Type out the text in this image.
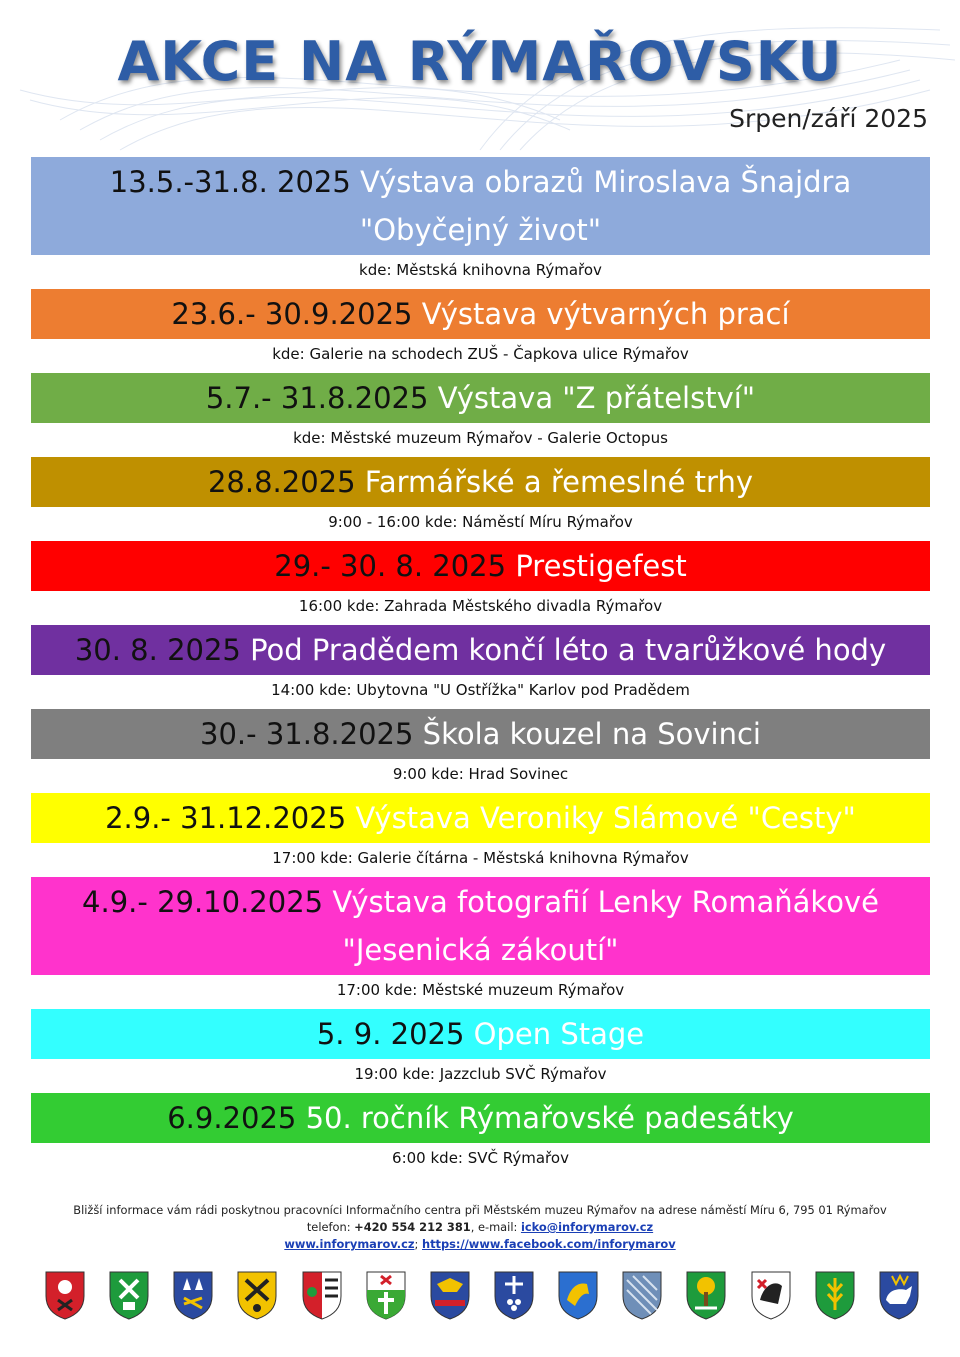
AKCE NA RÝMAŘOVSKU
Srpen/září 2025
13.5.-31.8. 2025 Výstava obrazů Miroslava Šnajdra
"Obyčejný život"
kde: Městská knihovna Rýmařov
23.6.- 30.9.2025 Výstava výtvarných prací
kde: Galerie na schodech ZUŠ - Čapkova ulice Rýmařov
5.7.- 31.8.2025 Výstava "Z přátelství"
kde: Městské muzeum Rýmařov - Galerie Octopus
28.8.2025 Farmářské a řemeslné trhy
9:00 - 16:00 kde: Náměstí Míru Rýmařov
29.- 30. 8. 2025 Prestigefest
16:00 kde: Zahrada Městského divadla Rýmařov
30. 8. 2025 Pod Pradědem končí léto a tvarůžkové hody
14:00 kde: Ubytovna "U Ostřížka" Karlov pod Pradědem
30.- 31.8.2025 Škola kouzel na Sovinci
9:00 kde: Hrad Sovinec
2.9.- 31.12.2025 Výstava Veroniky Slámové "Cesty"
17:00 kde: Galerie čítárna - Městská knihovna Rýmařov
4.9.- 29.10.2025 Výstava fotografií Lenky Romaňákové
"Jesenická zákoutí"
17:00 kde: Městské muzeum Rýmařov
5. 9. 2025 Open Stage
19:00 kde: Jazzclub SVČ Rýmařov
6.9.2025 50. ročník Rýmařovské padesátky
6:00 kde: SVČ Rýmařov
Bližší informace vám rádi poskytnou pracovníci Informačního centra při Městském muzeu Rýmařov na adrese náměstí Míru 6, 795 01 Rýmařov
telefon: +420 554 212 381, e-mail: icko@inforymarov.cz
www.inforymarov.cz; https://www.facebook.com/inforymarov
